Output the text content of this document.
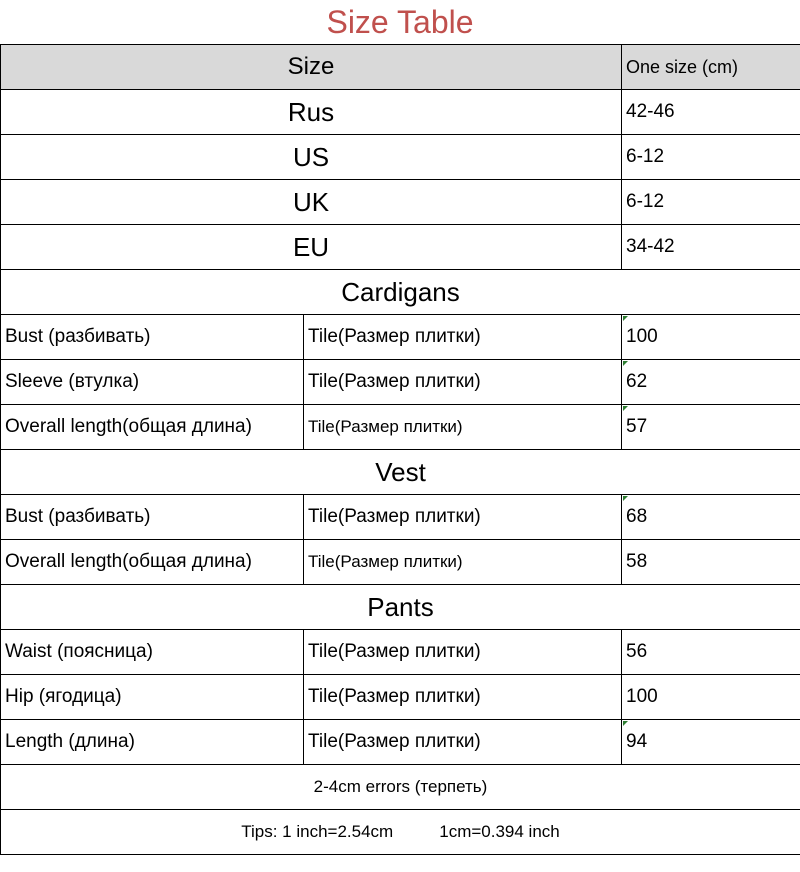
Size Table
Size		One size (cm)
Rus		42-46
US		6-12
UK		6-12
EU		34-42
Cardigans		
Bust (разбивать)	Tile(Размер плитки)	100
Sleeve (втулка)	Tile(Размер плитки)	62
Overall length(общая длина)	Tile(Размер плитки)	57
Vest		
Bust (разбивать)	Tile(Размер плитки)	68
Overall length(общая длина)	Tile(Размер плитки)	58
Pants		
Waist (поясница)	Tile(Размер плитки)	56
Hip (ягодица)	Tile(Размер плитки)	100
Length (длина)	Tile(Размер плитки)	94
2-4cm errors (терпеть)		
Tips: 1 inch=2.54cm 1cm=0.394 inch		
